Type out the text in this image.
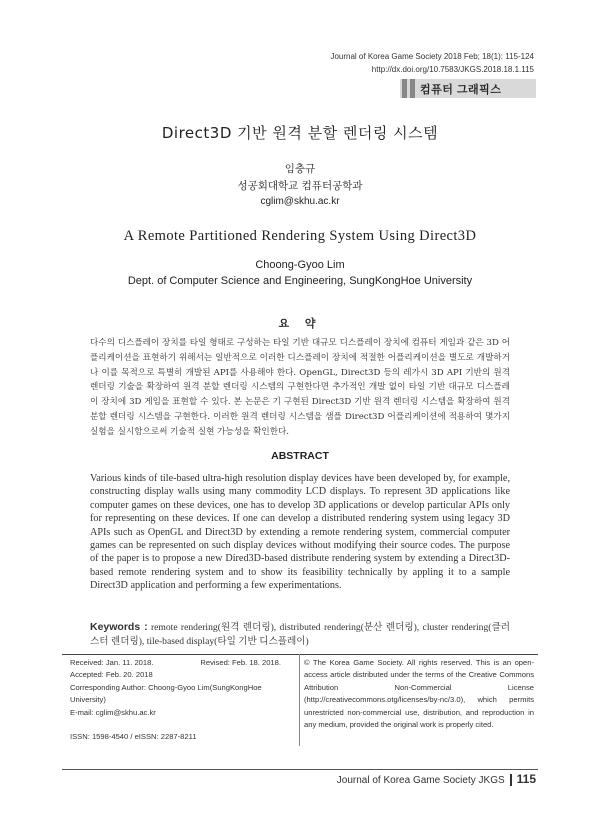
Journal of Korea Game Society 2018 Feb; 18(1): 115-124
http://dx.doi.org/10.7583/JKGS.2018.18.1.115
컴퓨터 그래픽스
Direct3D 기반 원격 분할 렌더링 시스템
임충규
성공회대학교 컴퓨터공학과
cglim@skhu.ac.kr
A Remote Partitioned Rendering System Using Direct3D
Choong-Gyoo Lim
Dept. of Computer Science and Engineering, SungKongHoe University
요 약
다수의 디스플레이 장치를 타일 형태로 구성하는 타일 기반 대규모 디스플레이 장치에 컴퓨터 게임과 같은 3D 어플리케이션을 표현하기 위해서는 일반적으로 이러한 디스플레이 장치에 적절한 어플리케이션을 별도로 개발하거나 이를 목적으로 특별히 개발된 API를 사용해야 한다. OpenGL, Direct3D 등의 레가시 3D API 기반의 원격 렌더링 기술을 확장하여 원격 분할 렌더링 시스템의 구현한다면 추가적인 개발 없이 타일 기반 대규모 디스플레이 장치에 3D 게임을 표현할 수 있다. 본 논문은 기 구현된 Direct3D 기반 원격 렌더링 시스템을 확장하여 원격 분할 렌더링 시스템을 구현한다. 이러한 원격 렌더링 시스템을 샘플 Direct3D 어플리케이션에 적용하여 몇가지 실험을 실시함으로써 기술적 실현 가능성을 확인한다.
ABSTRACT
Various kinds of tile-based ultra-high resolution display devices have been developed by, for example, constructing display walls using many commodity LCD displays. To represent 3D applications like computer games on these devices, one has to develop 3D applications or develop particular APIs only for representing on these devices. If one can develop a distributed rendering system using legacy 3D APIs such as OpenGL and Direct3D by extending a remote rendering system, commercial computer games can be represented on such display devices without modifying their source codes. The purpose of the paper is to propose a new Dired3D-based distribute rendering system by extending a Direct3D-based remote rendering system and to show its feasibility technically by appling it to a sample Direct3D application and performing a few experimentations.
Keywords : remote rendering(원격 렌더링), distributed rendering(분산 렌더링), cluster rendering(클러스터 렌더링), tile-based display(타일 기반 디스플레이)
Received: Jan. 11. 2018.	Revised: Feb. 18. 2018.
Accepted: Feb. 20. 2018
Corresponding Author: Choong-Gyoo Lim(SungKongHoe University)
E-mail: cglim@skhu.ac.kr
ISSN: 1598-4540 / eISSN: 2287-8211
© The Korea Game Society. All rights reserved. This is an open-access article distributed under the terms of the Creative Commons Attribution Non-Commercial License (http://creativecommons.otg/licenses/by-nc/3.0), which permits unrestricted non-commercial use, distribution, and reproduction in any medium, provided the original work is properly cited.
Journal of Korea Game Society JKGS 115
